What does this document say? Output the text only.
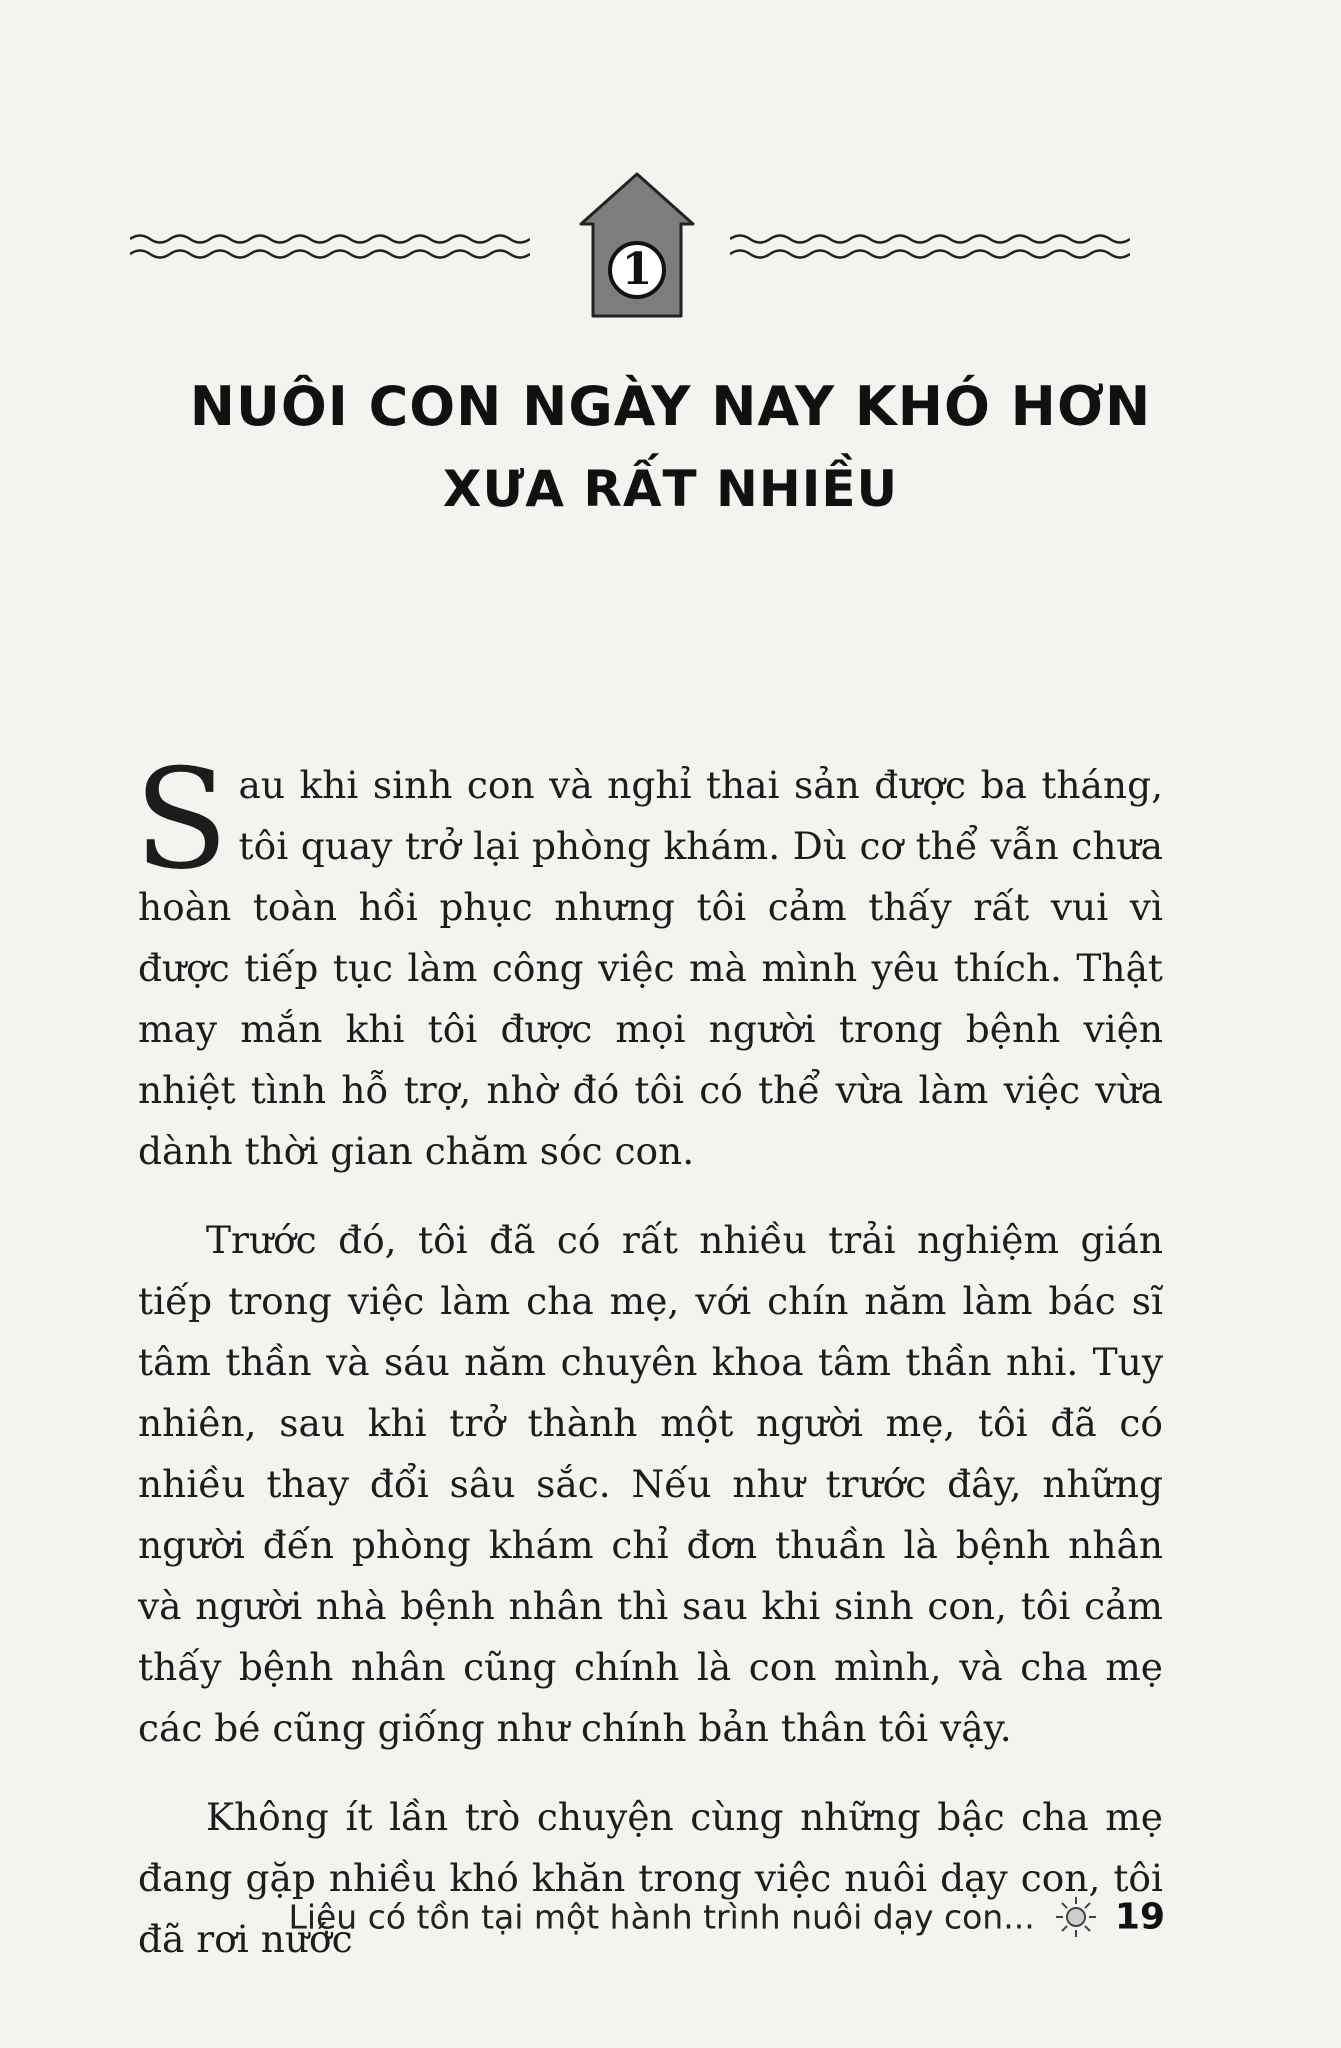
1
NUÔI CON NGÀY NAY KHÓ HƠN
XƯA RẤT NHIỀU

Sau khi sinh con và nghỉ thai sản được ba tháng, tôi quay trở lại phòng khám. Dù cơ thể vẫn chưa hoàn toàn hồi phục nhưng tôi cảm thấy rất vui vì được tiếp tục làm công việc mà mình yêu thích. Thật may mắn khi tôi được mọi người trong bệnh viện nhiệt tình hỗ trợ, nhờ đó tôi có thể vừa làm việc vừa dành thời gian chăm sóc con.

Trước đó, tôi đã có rất nhiều trải nghiệm gián tiếp trong việc làm cha mẹ, với chín năm làm bác sĩ tâm thần và sáu năm chuyên khoa tâm thần nhi. Tuy nhiên, sau khi trở thành một người mẹ, tôi đã có nhiều thay đổi sâu sắc. Nếu như trước đây, những người đến phòng khám chỉ đơn thuần là bệnh nhân và người nhà bệnh nhân thì sau khi sinh con, tôi cảm thấy bệnh nhân cũng chính là con mình, và cha mẹ các bé cũng giống như chính bản thân tôi vậy.

Không ít lần trò chuyện cùng những bậc cha mẹ đang gặp nhiều khó khăn trong việc nuôi dạy con, tôi đã rơi nước

Liệu có tồn tại một hành trình nuôi dạy con... 19
